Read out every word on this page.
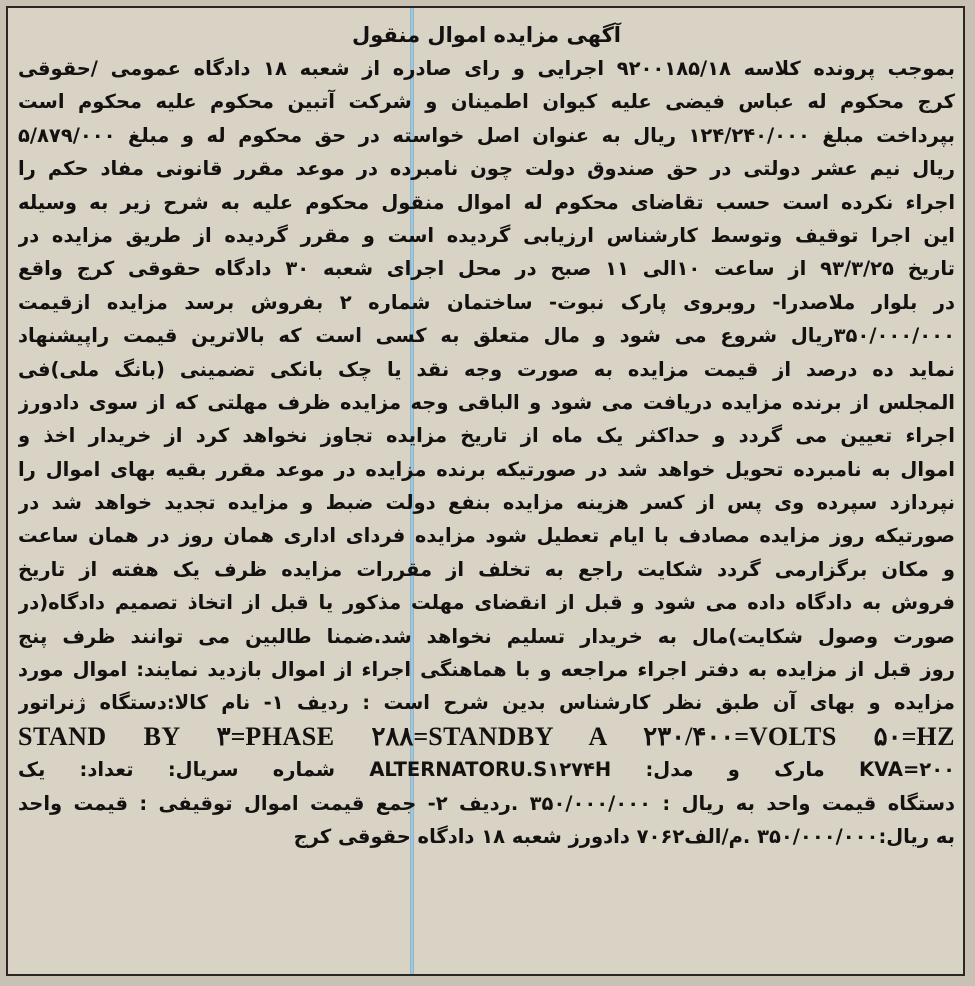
آگهی مزایده اموال منقول
بموجب پرونده کلاسه ۹۲۰۰۱۸۵/۱۸ اجرایی و رای صادره از شعبه ۱۸ دادگاه عمومی /حقوقی
کرج محکوم له عباس فیضی علیه کیوان اطمینان و شرکت آتبین محکوم علیه محکوم است
بپرداخت مبلغ ۱۲۴/۲۴۰/۰۰۰ ریال به عنوان اصل خواسته در حق محکوم له و مبلغ ۵/۸۷۹/۰۰۰
ریال نیم عشر دولتی در حق صندوق دولت چون نامبرده در موعد مقرر قانونی مفاد حکم را
اجراء نکرده است حسب تقاضای محکوم له اموال منقول محکوم علیه به شرح زیر به وسیله
این اجرا توقیف وتوسط کارشناس ارزیابی گردیده است و مقرر گردیده از طریق مزایده در
تاریخ ۹۳/۳/۲۵ از ساعت ۱۰الی ۱۱ صبح در محل اجرای شعبه ۳۰ دادگاه حقوقی کرج واقع
در بلوار ملاصدرا- روبروی پارک نبوت- ساختمان شماره ۲ بفروش برسد مزایده ازقیمت
۳۵۰/۰۰۰/۰۰۰ریال شروع می شود و مال متعلق به کسی است که بالاترین قیمت راپیشنهاد
نماید ده درصد از قیمت مزایده به صورت وجه نقد یا چک بانکی تضمینی (بانگ ملی)فی
المجلس از برنده مزایده دریافت می شود و الباقی وجه مزایده ظرف مهلتی که از سوی دادورز
اجراء تعیین می گردد و حداکثر یک ماه از تاریخ مزایده تجاوز نخواهد کرد از خریدار اخذ و
اموال به نامبرده تحویل خواهد شد در صورتیکه برنده مزایده در موعد مقرر بقیه بهای اموال را
نپردازد سپرده وی پس از کسر هزینه مزایده بنفع دولت ضبط و مزایده تجدید خواهد شد در
صورتیکه روز مزایده مصادف با ایام تعطیل شود مزایده فردای اداری همان روز در همان ساعت
و مکان برگزارمی گردد شکایت راجع به تخلف از مقررات مزایده ظرف یک هفته از تاریخ
فروش به دادگاه داده می شود و قبل از انقضای مهلت مذکور یا قبل از اتخاذ تصمیم دادگاه(در
صورت وصول شکایت)مال به خریدار تسلیم نخواهد شد.ضمنا طالبین می توانند ظرف پنج
روز قبل از مزایده به دفتر اجراء مراجعه و با هماهنگی اجراء از اموال بازدید نمایند: اموال مورد
مزایده و بهای آن طبق نظر کارشناس بدین شرح است : ردیف ۱- نام کالا:دستگاه ژنراتور
STAND BY ۳=PHASE ۲۸۸=STANDBY A ۲۳۰/۴۰۰=VOLTS ۵۰=HZ
KVA=۲۰۰ مارک و مدل: ALTERNATORU.S۱۲۷۴H شماره سریال: تعداد: یک
دستگاه قیمت واحد به ریال : ۳۵۰/۰۰۰/۰۰۰ .ردیف ۲- جمع قیمت اموال توقیفی : قیمت واحد
به ریال:۳۵۰/۰۰۰/۰۰۰ .م/الف۷۰۶۲ دادورز شعبه ۱۸ دادگاه حقوقی کرج
